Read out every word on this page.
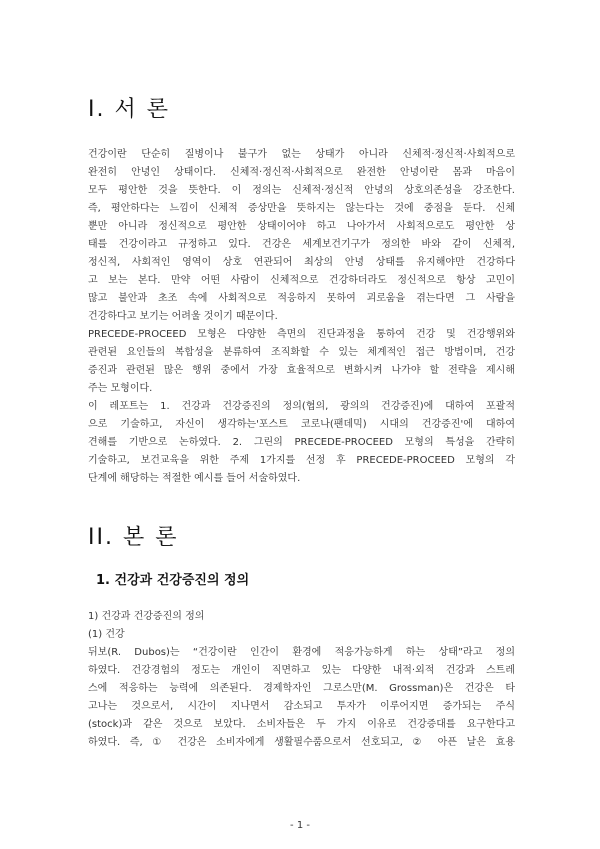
I. 서 론
건강이란 단순히 질병이나 불구가 없는 상태가 아니라 신체적·정신적·사회적으로
완전히 안녕인 상태이다. 신체적·정신적·사회적으로 완전한 안녕이란 몸과 마음이
모두 평안한 것을 뜻한다. 이 정의는 신체적·정신적 안녕의 상호의존성을 강조한다.
즉, 평안하다는 느낌이 신체적 증상만을 뜻하지는 않는다는 것에 중점을 둔다. 신체
뿐만 아니라 정신적으로 평안한 상태이어야 하고 나아가서 사회적으로도 평안한 상
태를 건강이라고 규정하고 있다. 건강은 세계보건기구가 정의한 바와 같이 신체적,
정신적, 사회적인 영역이 상호 연관되어 최상의 안녕 상태를 유지해야만 건강하다
고 보는 본다. 만약 어떤 사람이 신체적으로 건강하더라도 정신적으로 항상 고민이
많고 불안과 초조 속에 사회적으로 적응하지 못하여 괴로움을 겪는다면 그 사람을
건강하다고 보기는 어려울 것이기 때문이다.
PRECEDE-PROCEED 모형은 다양한 측면의 진단과정을 통하여 건강 및 건강행위와
관련된 요인들의 복합성을 분류하여 조직화할 수 있는 체계적인 접근 방법이며, 건강
증진과 관련된 많은 행위 중에서 가장 효율적으로 변화시켜 나가야 할 전략을 제시해
주는 모형이다.
이 레포트는 1. 건강과 건강증진의 정의(협의, 광의의 건강증진)에 대하여 포괄적
으로 기술하고, 자신이 생각하는'포스트 코로나(팬데믹) 시대의 건강증진'에 대하여
견해를 기반으로 논하였다. 2. 그린의 PRECEDE-PROCEED 모형의 특성을 간략히
기술하고, 보건교육을 위한 주제 1가지를 선정 후 PRECEDE-PROCEED 모형의 각
단계에 해당하는 적절한 예시를 들어 서술하였다.
II. 본 론
1. 건강과 건강증진의 정의
1) 건강과 건강증진의 정의
(1) 건강
뒤보(R. Dubos)는 “건강이란 인간이 환경에 적응가능하게 하는 상태”라고 정의
하였다. 건강경험의 정도는 개인이 직면하고 있는 다양한 내적·외적 건강과 스트레
스에 적응하는 능력에 의존된다. 경제학자인 그로스만(M. Grossman)은 건강은 타
고나는 것으로서, 시간이 지나면서 감소되고 투자가 이루어지면 증가되는 주식
(stock)과 같은 것으로 보았다. 소비자들은 두 가지 이유로 건강증대를 요구한다고
하였다. 즉, ① 건강은 소비자에게 생활필수품으로서 선호되고, ② 아픈 날은 효용
- 1 -
